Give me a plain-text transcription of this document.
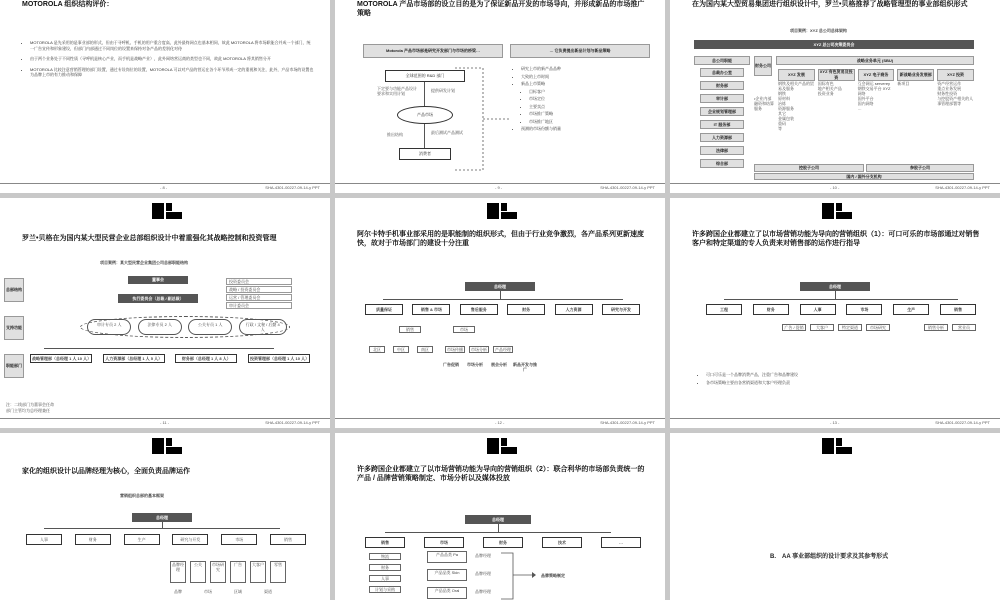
MOTOROLA 组织结构评价：
• MOTOROLA 是先采用的是事业部的形式，但由于寻呼机、手机的用户重合度高，此外最终网点也基本相同，故此 MOTOROLA 将市场职能合并成一个部门，统一广告宣传和形象建设，但部门内部通过不同岗位的设置来保持对各产品的差别化对待
• 由于两个业务处于不同性质（寻呼机是核心产业，而手机是战略产业），此外网络营运商的类型也不同，故此 MOTOROLA 将其销售分开
• MOTOROLA 比较注意营销管理的部门设置，通过专设岗位的设置，MOTOROLA 可以对产品的营运在各个环节形成一定的重视和关注，此外，产品市场的设置也为品牌上市的有力推动和保障
- 8 -	SHA-4301-00227-09-14-y PPT
MOTOROLA 产品市场部的设立目的是为了保证新品开发的市场导向，并形成新品的市场推广策略
Motorola 产品市场部是研究开发部门与市场的桥梁…	… 它负责提出新品计划与新品策略
全球范围的 R&D 部门
产品市场
消费者
下定要与功能产品设计要求和实用计划
提供研发计划
最后测试产品测试
推出结构
• 研究上市的新产品品种
• 大致的上市时间
• 新品上市策略
• 目标客户
• 市场定位
• 主要卖点
• 市场推广策略
• 市场推广地区
• 预测的市场份额与销量
- 9 -	SHA-4301-00227-09-14-y PPT
在为国内某大型贸易集团进行组织设计中，罗兰•贝格推荐了战略管理型的事业部组织形式
项目案例：XYZ 总公司总体架构
XYZ 总公司决策委员会
总公司职能
财务公司
战略业务单元 (SBU)
总裁办公室
财务部
审计部
企业规划管理部
IT 服务部
人力资源部
法律部
综合部
•企业内部融资和结算服务
XYZ 发展
钢铁及相关产品的贸易及服务
钢铁
原材料
冶炼
资源服务
其它
金属包装
重码
等
XYZ 有色贸易及投资
国际有色
地产相关产品
投资业务
XYZ 电子商务
互会网运 serverey
钢铁交易平台 XYZ 网络
国外平台
国内网络
…
新战略业务发展部
新项目
XYZ 投资
资产经营运作
重点业务发展
财务性投资
与控股资产相关的人事管理部署等
控股子公司	参股子公司
国内 / 国外分支机构
- 10 -	SHA-4301-00227-09-14-y PPT
罗兰•贝格在为国内某大型民营企业总部组织设计中着重强化其战略控制和投资管理
项目案例：某大型民营企业集团公司总部职能结构
总部结构
支持功能
职能部门
董事会
执行委员会（总裁 / 副总裁）
投资委员会
战略 / 投资委员会
运营 / 管理委员会
审计委员会
审计专员 2 人	法律专员 2 人	公关专员 1 人	行政 / 文秘 / 后勤 4 人
战略管理部（总经理 1 人 10 人）	人力资源部（总经理 1 人 5 人）	财务部（总经理 1 人 8 人）	投资管理部（总经理 1 人 10 人）
注：二线部门为董事会任命
部门主管均为总经理兼任
- 11 -	SHA-4301-00227-09-14-y PPT
阿尔卡特手机事业部采用的是职能制的组织形式，但由于行业竞争激烈，各产品系列更新速度快，故对于市场部门的建设十分注重
总经理
质量保证	销售 & 市场	售后服务	财务	人力资源	研究与开发
销售	市场
北区	中区	南区	市场传播	市场分析	产品经理
广告促销	市场分析	展会分析	新品开发与推广
- 12 -	SHA-4301-00227-09-14-y PPT
许多跨国企业都建立了以市场营销功能为导向的营销组织（1）：可口可乐的市场部通过对销售客户和特定渠道的专人负责来对销售部的运作进行指导
总经理
工程	财务	人事	市场	生产	销售
广告 / 促销	大客户	特定渠道	市场研究	销售分析	营业员
• 可口可乐是一个品牌消费产品，注重广告和品牌建设
• 各市场策略主要由各营销渠道和大客户经理负责
- 13 -	SHA-4301-00227-09-14-y PPT
家化的组织设计以品牌经理为核心，全面负责品牌运作
营销组织总部的基本框架
总经理
人事	财务	生产	研究与开发	市场	销售
品牌经理
公关	市场研究
广告	大客户	零售
品牌	市场	区域	渠道
许多跨国企业都建立了以市场营销功能为导向的营销组织（2）：联合利华的市场部负责统一的产品 / 品牌营销策略制定、市场分析以及媒体投放
总经理
销售	市场	财务	技术	…
物流
财务
人事
计划与采购
产品品类 Pa
产品品类 Skin
产品品类 Oral
品牌经理
品牌经理
品牌经理
品牌策略制定
B.　AA 事业部组织的设计要求及其参考形式
